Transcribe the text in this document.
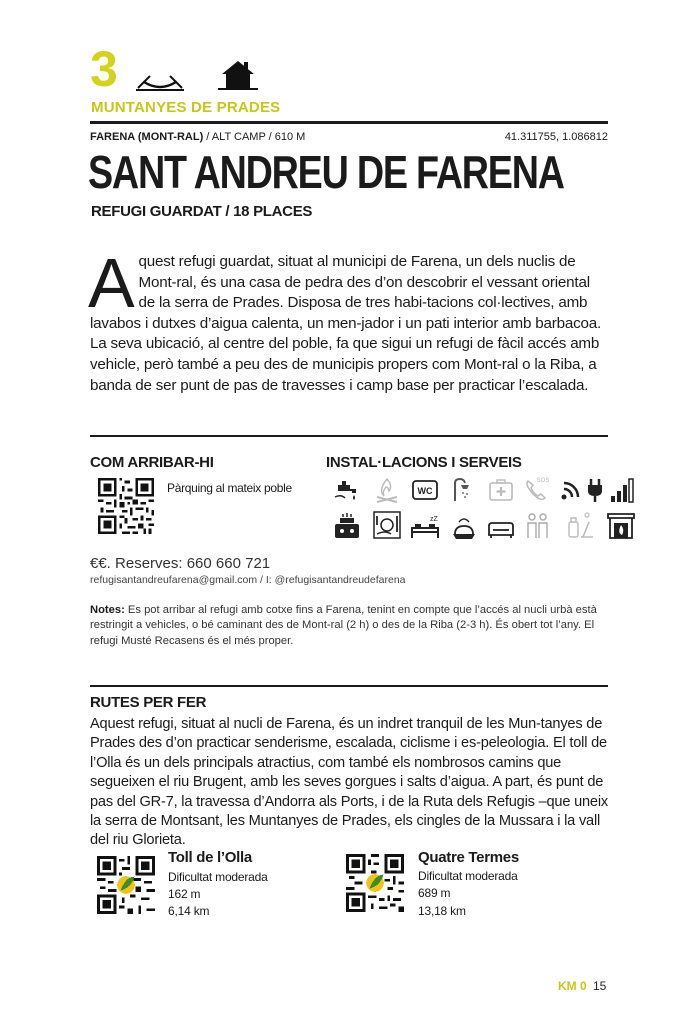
3
MUNTANYES DE PRADES
FARENA (MONT-RAL) / ALT CAMP / 610 M	41.311755, 1.086812
SANT ANDREU DE FARENA
REFUGI GUARDAT / 18 PLACES
Aquest refugi guardat, situat al municipi de Farena, un dels nuclis de Mont-ral, és una casa de pedra des d’on descobrir el vessant oriental de la serra de Prades. Disposa de tres habi-tacions col·lectives, amb lavabos i dutxes d’aigua calenta, un men-jador i un pati interior amb barbacoa. La seva ubicació, al centre del poble, fa que sigui un refugi de fàcil accés amb vehicle, però també a peu des de municipis propers com Mont-ral o la Riba, a banda de ser punt de pas de travesses i camp base per practicar l’escalada.
COM ARRIBAR-HI
Pàrquing al mateix poble
INSTAL·LACIONS I SERVEIS
WC
SOS
zZ
€€. Reserves: 660 660 721
refugisantandreufarena@gmail.com / I: @refugisantandreudefarena
Notes: Es pot arribar al refugi amb cotxe fins a Farena, tenint en compte que l’accés al nucli urbà està restringit a vehicles, o bé caminant des de Mont-ral (2 h) o des de la Riba (2-3 h). És obert tot l’any. El refugi Musté Recasens és el més proper.
RUTES PER FER
Aquest refugi, situat al nucli de Farena, és un indret tranquil de les Mun-tanyes de Prades des d’on practicar senderisme, escalada, ciclisme i es-peleologia. El toll de l’Olla és un dels principals atractius, com també els nombrosos camins que segueixen el riu Brugent, amb les seves gorgues i salts d’aigua. A part, és punt de pas del GR-7, la travessa d’Andorra als Ports, i de la Ruta dels Refugis –que uneix la serra de Montsant, les Muntanyes de Prades, els cingles de la Mussara i la vall del riu Glorieta.
Toll de l’Olla
Dificultat moderada
162 m
6,14 km
Quatre Termes
Dificultat moderada
689 m
13,18 km
KM 0 15
